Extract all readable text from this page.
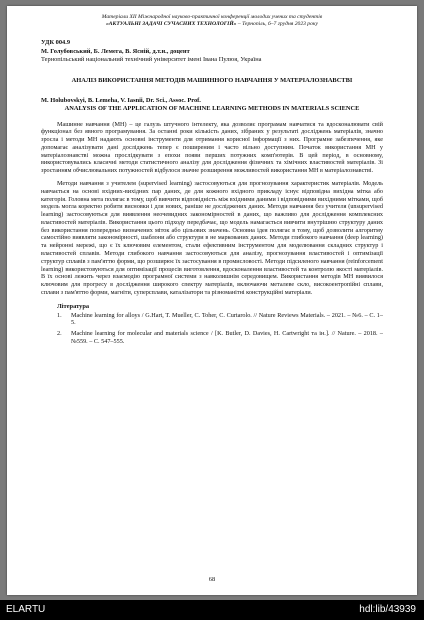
Матеріали XII Міжнародної науково-практичної конференції молодих учених та студентів
«АКТУАЛЬНІ ЗАДАЧІ СУЧАСНИХ ТЕХНОЛОГІЙ» – Тернопіль, 6–7 грудня 2023 року
УДК 004.9
М. Голубовський, Б. Лемега, В. Ясній, д.т.н., доцент
Тернопільський національний технічний університет імені Івана Пулюя, Україна
АНАЛІЗ ВИКОРИСТАННЯ МЕТОДІВ МАШИННОГО НАВЧАННЯ У МАТЕРІАЛОЗНАВСТВІ
M. Holubovskyi, B. Lemeha, V. Iasnii, Dr. Sci., Assoc. Prof.
ANALYSIS OF THE APPLICATION OF MACHINE LEARNING METHODS IN MATERIALS SCIENCE

Машинне навчання (МН) – це галузь штучного інтелекту, яка дозволяє програмам навчатися та вдосконалювати свій функціонал без явного програмування. За останні роки кількість даних, зібраних у результаті досліджень матеріалів, значно зросла і методи МН надають основні інструменти для отримання корисної інформації з них. Програмне забезпечення, яке допомагає аналізувати дані досліджень тепер є поширеним і часто вільно доступним. Початок використання МН у матеріалознавстві можна прослідкувати з епохи появи перших потужних комп'ютерів. В цей період, в основному, використовувались класичні методи статистичного аналізу для дослідження фізичних та хімічних властивостей матеріалів. Зі зростанням обчислювальних потужностей відбулося значне розширення можливостей використання МН в матеріалознавстві.

Методи навчання з учителем (supervised learning) застосовуються для прогнозування характеристик матеріалів. Модель навчається на основі вхідних-вихідних пар даних, де для кожного вхідного прикладу існує відповідна вихідна мітка або категорія. Головна мета полягає в тому, щоб вивчити відповідність між вхідними даними і відповідними вихідними мітками, щоб модель могла коректно робити висновки і для нових, раніше не досліджених даних. Методи навчання без учителя (unsupervised learning) застосовуються для виявлення неочевидних закономірностей в даних, що важливо для дослідження комплексних властивостей матеріалів. Використання цього підходу передбачає, що модель намагається вивчити внутрішню структуру даних без використання попередньо визначених міток або цільових значень. Основна ідея полягає в тому, щоб дозволити алгоритму самостійно виявляти закономірності, шаблони або структури в не маркованих даних. Методи глибокого навчання (deep learning) та нейронні мережі, що є їх ключовим елементом, стали ефективним інструментом для моделювання складних структур і властивостей сплавів. Методи глибокого навчання застосовуються для аналізу, прогнозування властивостей і оптимізації структур сплавів з пам'яттю форми, що розширює їх застосування в промисловості. Методи підсиленого навчання (reinforcement learning) використовуються для оптимізації процесів виготовлення, вдосконалення властивостей та контролю якості матеріалів. В їх основі лежить через взаємодію програмної системи з навколишнім середовищем. Використання методів МН виявилося ключовим для прогресу в дослідження широкого спектру матеріалів, включаючи металеве скло, високоентропійні сплави, сплави з пам'яттю форми, магніти, суперсплави, каталізатори та різноманітні конструкційні матеріали.

Література
1.	Machine learning for alloys / G.Hart, T. Mueller, C. Toher, C. Curtarolo. // Nature Reviews Materials. – 2021. – №6. – С. 1–5.
2.	Machine learning for molecular and materials science / [K. Butler, D. Davies, H. Cartwright та ін.]. // Nature. – 2018. – №559. – С. 547–555.
68
ELARTU	hdl:lib/43939
